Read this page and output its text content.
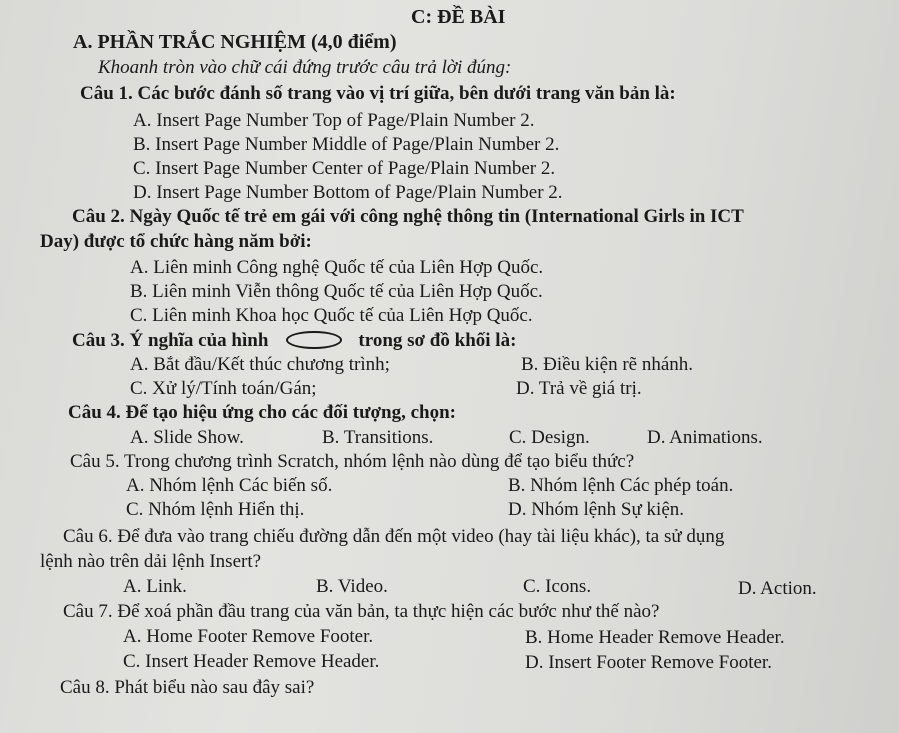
C: ĐỀ BÀI
A. PHẦN TRẮC NGHIỆM (4,0 điểm)
Khoanh tròn vào chữ cái đứng trước câu trả lời đúng:
Câu 1. Các bước đánh số trang vào vị trí giữa, bên dưới trang văn bản là:
A. Insert Page Number Top of Page/Plain Number 2.
B. Insert Page Number Middle of Page/Plain Number 2.
C. Insert Page Number Center of Page/Plain Number 2.
D. Insert Page Number Bottom of Page/Plain Number 2.
Câu 2. Ngày Quốc tế trẻ em gái với công nghệ thông tin (International Girls in ICT
Day) được tổ chức hàng năm bởi:
A. Liên minh Công nghệ Quốc tế của Liên Hợp Quốc.
B. Liên minh Viễn thông Quốc tế của Liên Hợp Quốc.
C. Liên minh Khoa học Quốc tế của Liên Hợp Quốc.
Câu 3. Ý nghĩa của hình	trong sơ đồ khối là:
A. Bắt đầu/Kết thúc chương trình;	B. Điều kiện rẽ nhánh.
C. Xử lý/Tính toán/Gán;	D. Trả về giá trị.
Câu 4. Để tạo hiệu ứng cho các đối tượng, chọn:
A. Slide Show.	B. Transitions.	C. Design.	D. Animations.
Câu 5. Trong chương trình Scratch, nhóm lệnh nào dùng để tạo biểu thức?
A. Nhóm lệnh Các biến số.	B. Nhóm lệnh Các phép toán.
C. Nhóm lệnh Hiển thị.	D. Nhóm lệnh Sự kiện.
Câu 6. Để đưa vào trang chiếu đường dẫn đến một video (hay tài liệu khác), ta sử dụng
lệnh nào trên dải lệnh Insert?
A. Link.	B. Video.	C. Icons.	D. Action.
Câu 7. Để xoá phần đầu trang của văn bản, ta thực hiện các bước như thế nào?
A. Home Footer Remove Footer.	B. Home Header Remove Header.
C. Insert Header Remove Header.	D. Insert Footer Remove Footer.
Câu 8. Phát biểu nào sau đây sai?
